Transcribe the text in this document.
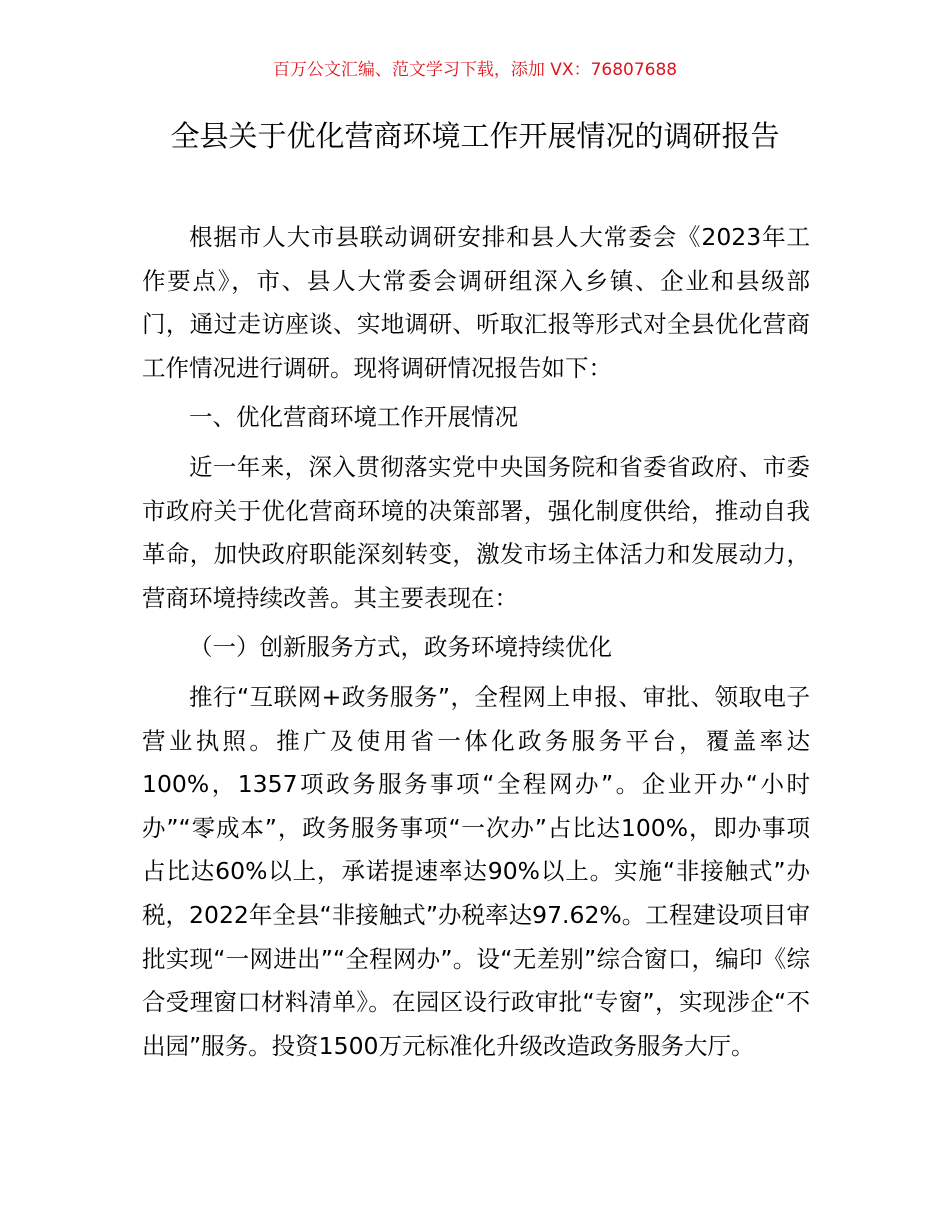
百万公文汇编、范文学习下载，添加 VX：76807688
全县关于优化营商环境工作开展情况的调研报告

根据市人大市县联动调研安排和县人大常委会《2023年工作要点》，市、县人大常委会调研组深入乡镇、企业和县级部门，通过走访座谈、实地调研、听取汇报等形式对全县优化营商工作情况进行调研。现将调研情况报告如下：

一、优化营商环境工作开展情况

近一年来，深入贯彻落实党中央国务院和省委省政府、市委市政府关于优化营商环境的决策部署，强化制度供给，推动自我革命，加快政府职能深刻转变，激发市场主体活力和发展动力，营商环境持续改善。其主要表现在：

（一）创新服务方式，政务环境持续优化

推行“互联网+政务服务”，全程网上申报、审批、领取电子营业执照。推广及使用省一体化政务服务平台，覆盖率达100%，1357项政务服务事项“全程网办”。企业开办“小时办”“零成本”，政务服务事项“一次办”占比达100%，即办事项占比达60%以上，承诺提速率达90%以上。实施“非接触式”办税，2022年全县“非接触式”办税率达97.62%。工程建设项目审批实现“一网进出”“全程网办”。设“无差别”综合窗口，编印《综合受理窗口材料清单》。在园区设行政审批“专窗”，实现涉企“不出园”服务。投资1500万元标准化升级改造政务服务大厅。
